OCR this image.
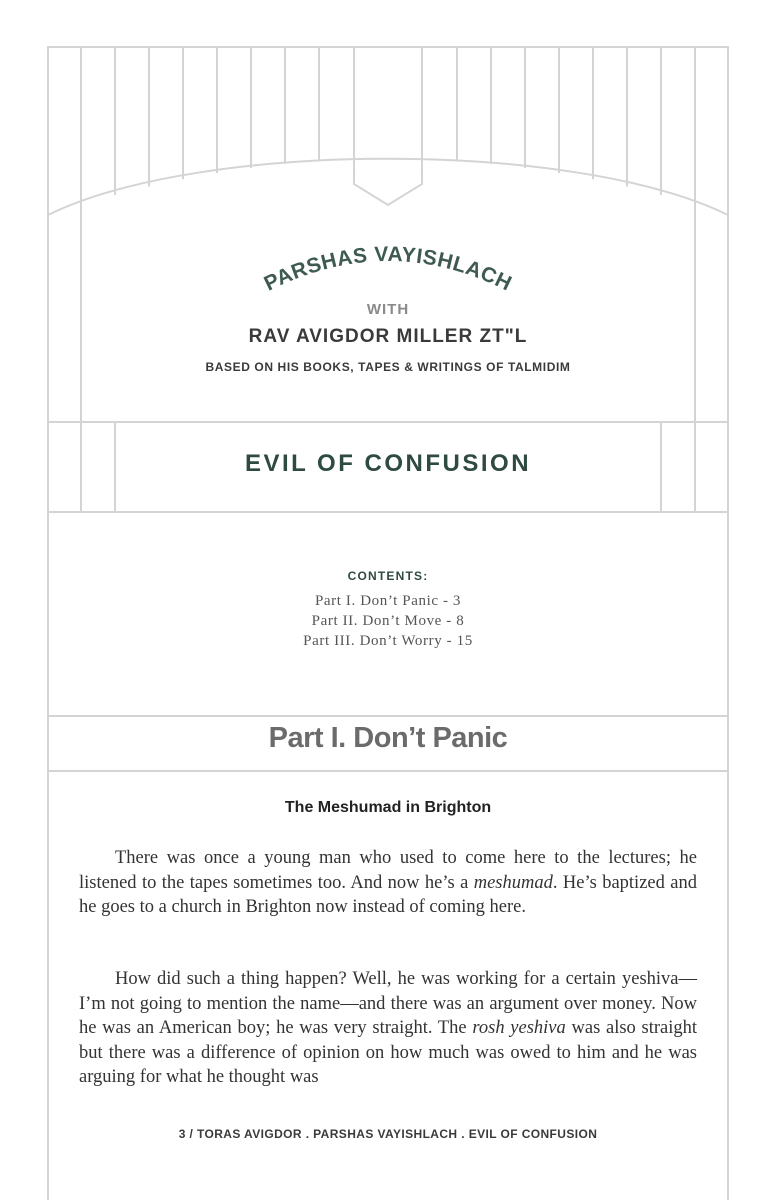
PARSHAS VAYISHLACH
WITH
RAV AVIGDOR MILLER ZT"L
BASED ON HIS BOOKS, TAPES & WRITINGS OF TALMIDIM
EVIL OF CONFUSION
CONTENTS:
Part I. Don’t Panic - 3
Part II. Don’t Move - 8
Part III. Don’t Worry - 15
Part I. Don’t Panic
The Meshumad in Brighton

There was once a young man who used to come here to the lectures; he listened to the tapes sometimes too. And now he’s a meshumad. He’s baptized and he goes to a church in Brighton now instead of coming here.

How did such a thing happen? Well, he was working for a certain yeshiva—I’m not going to mention the name—and there was an argument over money. Now he was an American boy; he was very straight. The rosh yeshiva was also straight but there was a difference of opinion on how much was owed to him and he was arguing for what he thought was

3 / TORAS AVIGDOR . PARSHAS VAYISHLACH . EVIL OF CONFUSION
